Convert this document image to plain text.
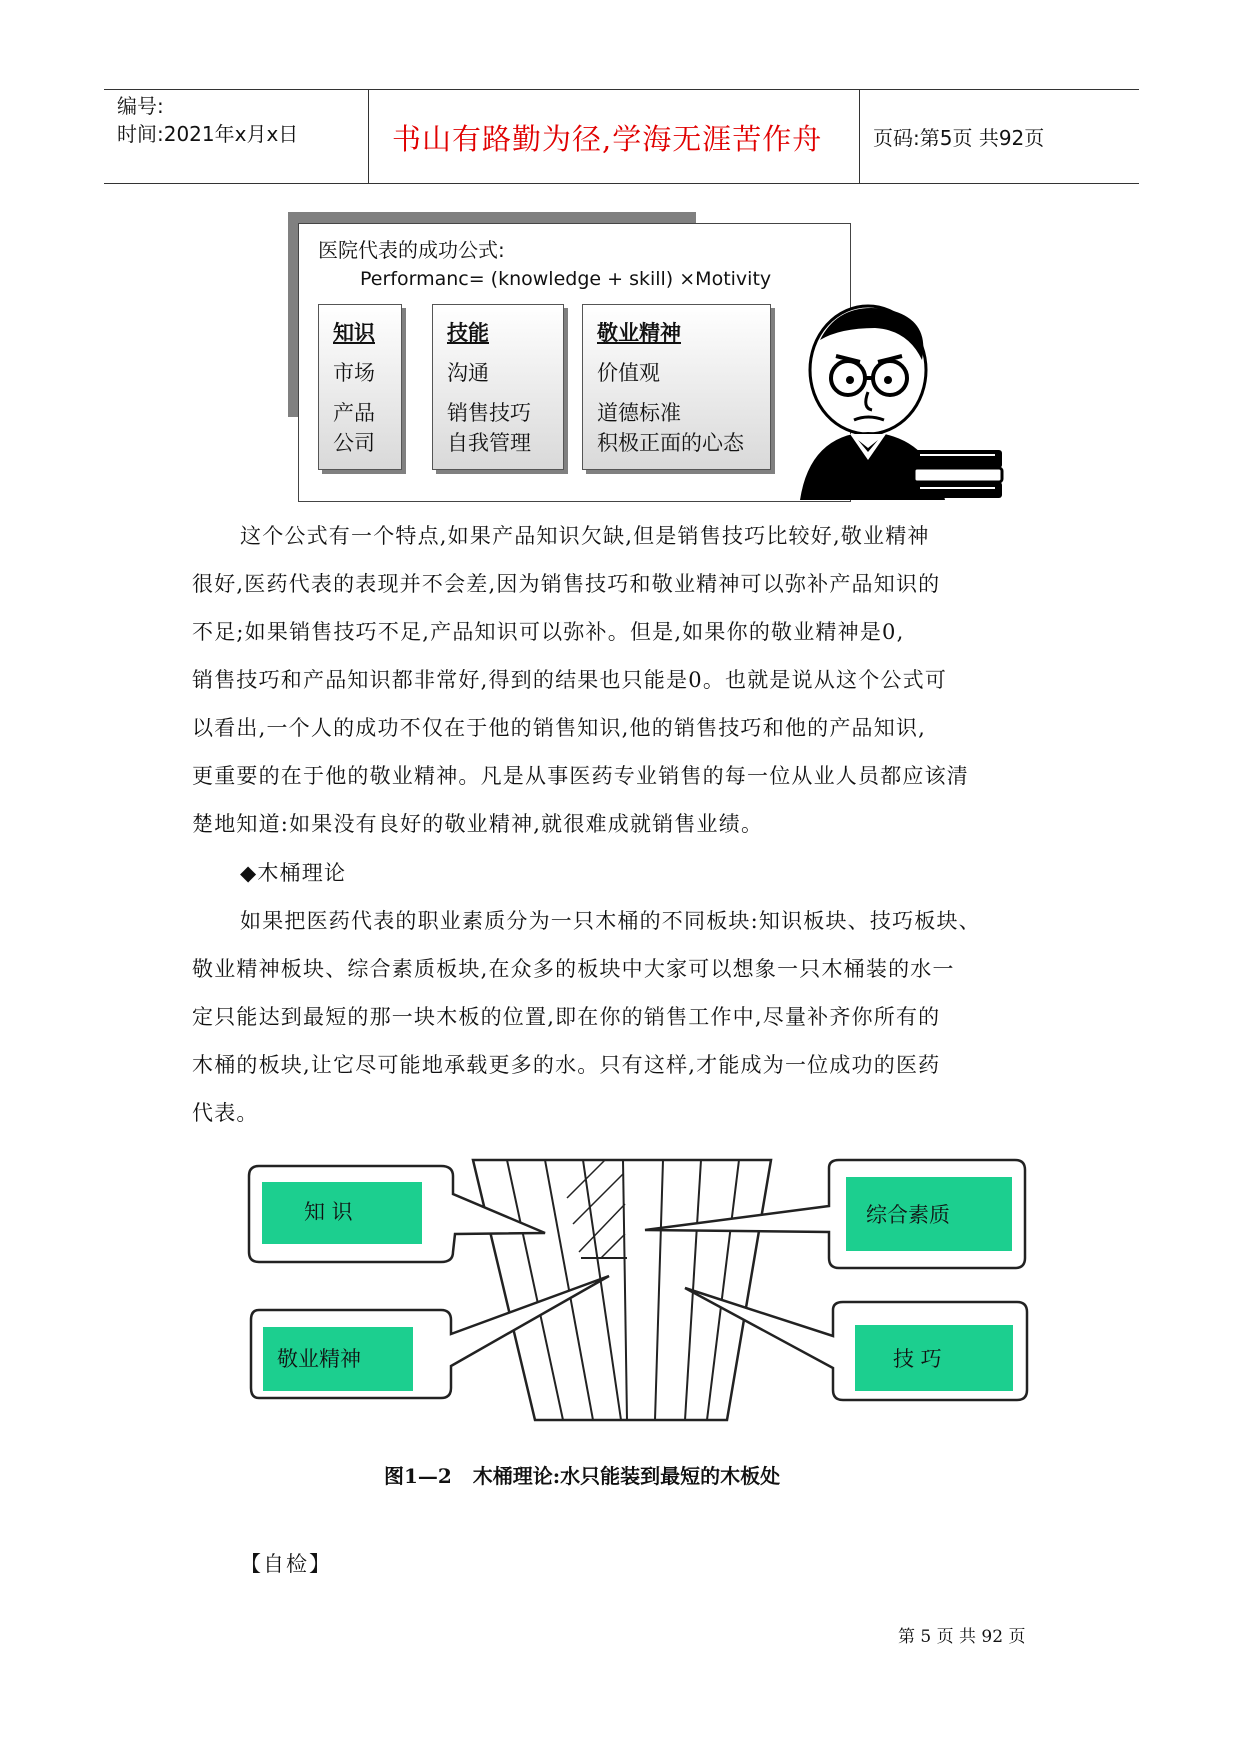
编号:
时间:2021年x月x日	书山有路勤为径,学海无涯苦作舟	页码:第5页 共92页
医院代表的成功公式:
Performanc= (knowledge + skill) ×Motivity
知识
市场
产品
公司
技能
沟通
销售技巧
自我管理
敬业精神
价值观
道德标准
积极正面的心态
这个公式有一个特点,如果产品知识欠缺,但是销售技巧比较好,敬业精神
很好,医药代表的表现并不会差,因为销售技巧和敬业精神可以弥补产品知识的
不足;如果销售技巧不足,产品知识可以弥补。但是,如果你的敬业精神是0,
销售技巧和产品知识都非常好,得到的结果也只能是0。也就是说从这个公式可
以看出,一个人的成功不仅在于他的销售知识,他的销售技巧和他的产品知识,
更重要的在于他的敬业精神。凡是从事医药专业销售的每一位从业人员都应该清
楚地知道:如果没有良好的敬业精神,就很难成就销售业绩。
◆木桶理论
如果把医药代表的职业素质分为一只木桶的不同板块:知识板块、技巧板块、
敬业精神板块、综合素质板块,在众多的板块中大家可以想象一只木桶装的水一
定只能达到最短的那一块木板的位置,即在你的销售工作中,尽量补齐你所有的
木桶的板块,让它尽可能地承载更多的水。只有这样,才能成为一位成功的医药
代表。
知 识	综合素质
敬业精神	技 巧
图1—2   木桶理论:水只能装到最短的木板处
【自检】
第 5 页 共 92 页
